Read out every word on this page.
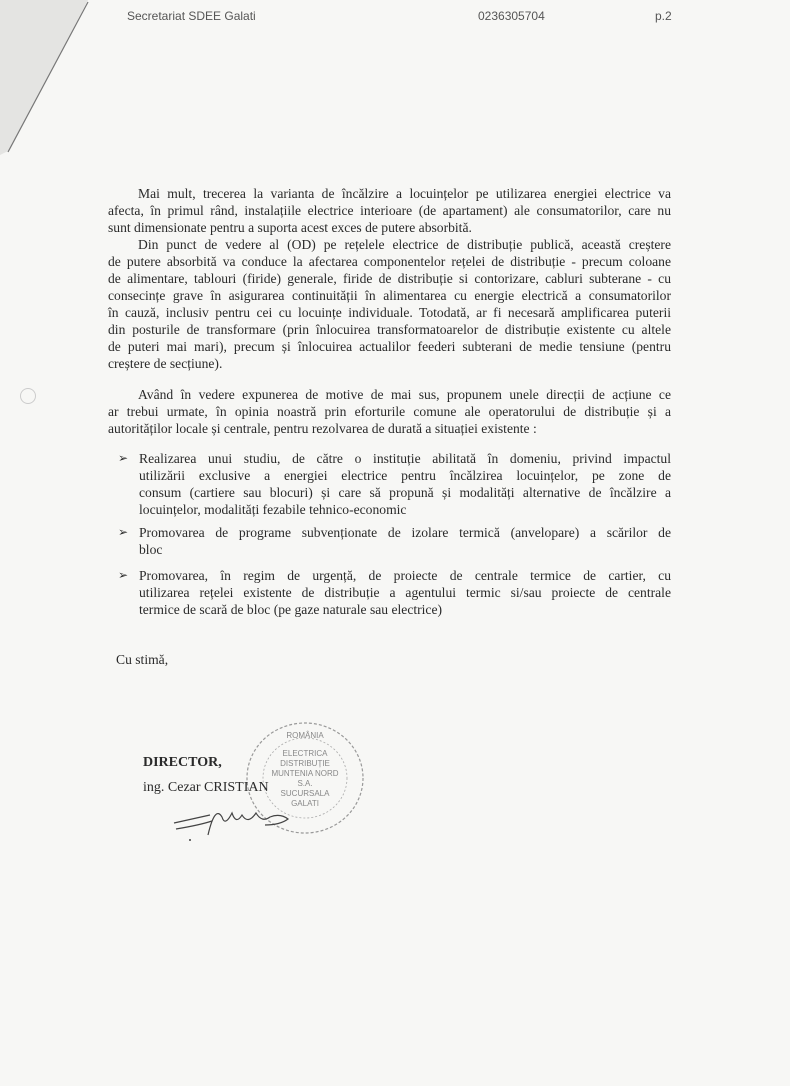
Secretariat SDEE Galati	0236305704	p.2
Mai mult, trecerea la varianta de încălzire a locuințelor pe utilizarea energiei electrice va
afecta, în primul rând, instalațiile electrice interioare (de apartament) ale consumatorilor, care nu
sunt dimensionate pentru a suporta acest exces de putere absorbită.
Din punct de vedere al (OD) pe rețelele electrice de distribuție publică, această creștere
de putere absorbită va conduce la afectarea componentelor rețelei de distribuție - precum coloane
de alimentare, tablouri (firide) generale, firide de distribuție si contorizare, cabluri subterane - cu
consecințe grave în asigurarea continuității în alimentarea cu energie electrică a consumatorilor
în cauză, inclusiv pentru cei cu locuințe individuale. Totodată, ar fi necesară amplificarea puterii
din posturile de transformare (prin înlocuirea transformatoarelor de distribuție existente cu altele
de puteri mai mari), precum și înlocuirea actualilor feederi subterani de medie tensiune (pentru
creștere de secțiune).
Având în vedere expunerea de motive de mai sus, propunem unele direcții de acțiune ce
ar trebui urmate, în opinia noastră prin eforturile comune ale operatorului de distribuție și a
autorităților locale și centrale, pentru rezolvarea de durată a situației existente :
➢ Realizarea unui studiu, de către o instituție abilitată în domeniu, privind impactul
utilizării exclusive a energiei electrice pentru încălzirea locuințelor, pe zone de
consum (cartiere sau blocuri) și care să propună și modalități alternative de încălzire a
locuințelor, modalități fezabile tehnico-economic
➢ Promovarea de programe subvenționate de izolare termică (anvelopare) a scărilor de
bloc
➢ Promovarea, în regim de urgență, de proiecte de centrale termice de cartier, cu
utilizarea rețelei existente de distribuție a agentului termic si/sau proiecte de centrale
termice de scară de bloc (pe gaze naturale sau electrice)
Cu stimă,
ROMÂNIA
ELECTRICA
DISTRIBUȚIE
MUNTENIA NORD
S.A.
SUCURSALA
GALATI
DIRECTOR,
ing. Cezar CRISTIAN
